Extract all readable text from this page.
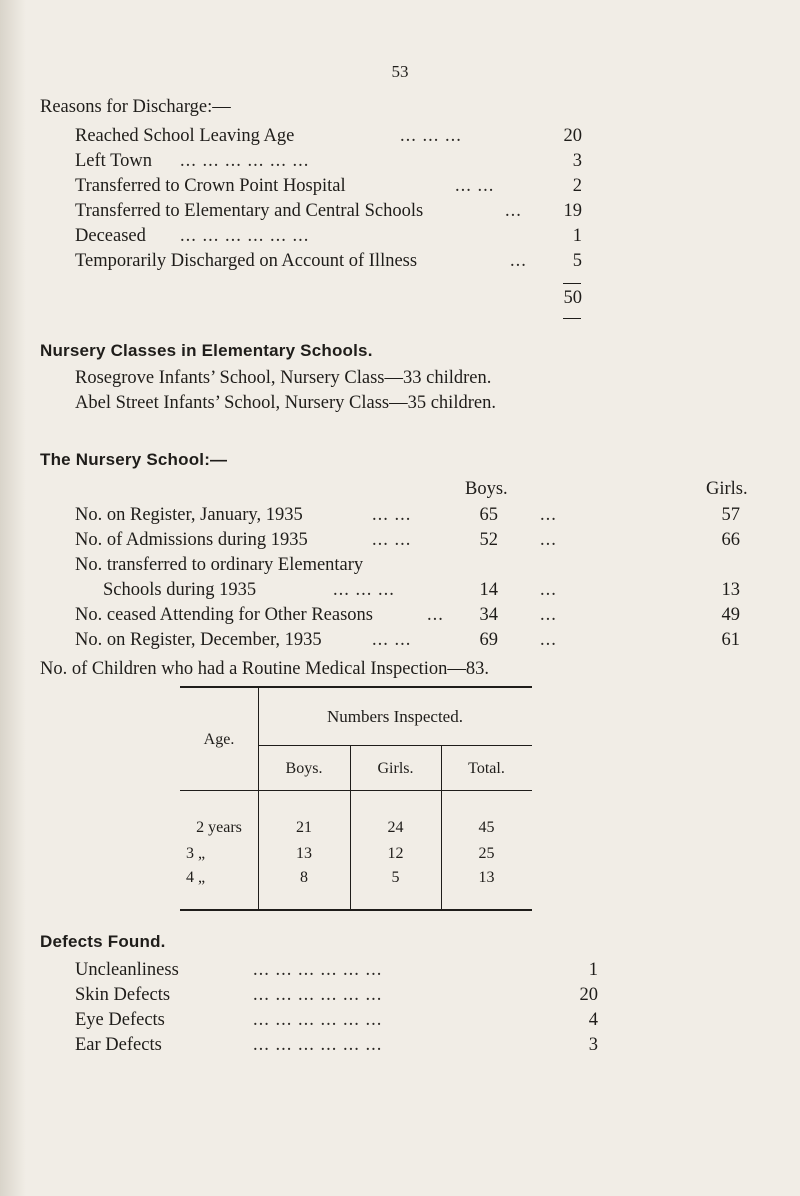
53
Reasons for Discharge:—
Reached School Leaving Age	... ... ...	20
Left Town ... ... ... ... ... ...	3
Transferred to Crown Point Hospital	... ...	2
Transferred to Elementary and Central Schools	...	19
Deceased ... ... ... ... ... ...	1
Temporarily Discharged on Account of Illness	...	5
50
Nursery Classes in Elementary Schools.
Rosegrove Infants’ School, Nursery Class—33 children.
Abel Street Infants’ School, Nursery Class—35 children.
The Nursery School:—
Boys.	Girls.
No. on Register, January, 1935	... ...	65 ...	57
No. of Admissions during 1935	... ...	52 ...	66
No. transferred to ordinary Elementary
Schools during 1935	... ... ...	14 ...	13
No. ceased Attending for Other Reasons	...	34 ...	49
No. on Register, December, 1935	... ...	69 ...	61
No. of Children who had a Routine Medical Inspection—83.
Age.
Numbers Inspected.
Boys.	Girls.	Total.
2 years	21	24	45
3 „	13	12	25
4 „	8	5	13
Defects Found.
Uncleanliness	... ... ... ... ... ...	1
Skin Defects	... ... ... ... ... ...	20
Eye Defects	... ... ... ... ... ...	4
Ear Defects	... ... ... ... ... ...	3
